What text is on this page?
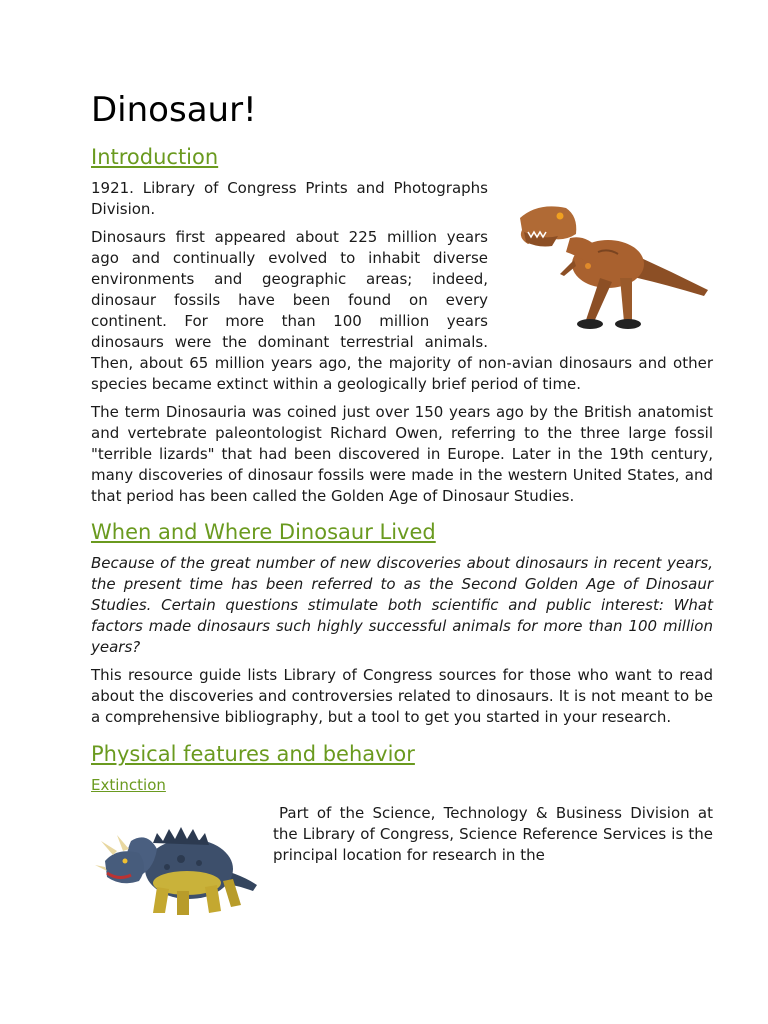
Dinosaur!
Introduction

1921. Library of Congress Prints and Photographs Division.

Dinosaurs first appeared about 225 million years ago and continually evolved to inhabit diverse environments and geographic areas; indeed, dinosaur fossils have been found on every continent. For more than 100 million years dinosaurs were the dominant terrestrial animals. Then, about 65 million years ago, the majority of non-avian dinosaurs and other species became extinct within a geologically brief period of time.

The term Dinosauria was coined just over 150 years ago by the British anatomist and vertebrate paleontologist Richard Owen, referring to the three large fossil "terrible lizards" that had been discovered in Europe. Later in the 19th century, many discoveries of dinosaur fossils were made in the western United States, and that period has been called the Golden Age of Dinosaur Studies.

When and Where Dinosaur Lived

Because of the great number of new discoveries about dinosaurs in recent years, the present time has been referred to as the Second Golden Age of Dinosaur Studies. Certain questions stimulate both scientific and public interest: What factors made dinosaurs such highly successful animals for more than 100 million years?

This resource guide lists Library of Congress sources for those who want to read about the discoveries and controversies related to dinosaurs. It is not meant to be a comprehensive bibliography, but a tool to get you started in your research.

Physical features and behavior
Extinction

Part of the Science, Technology & Business Division at the Library of Congress, Science Reference Services is the principal location for research in the
